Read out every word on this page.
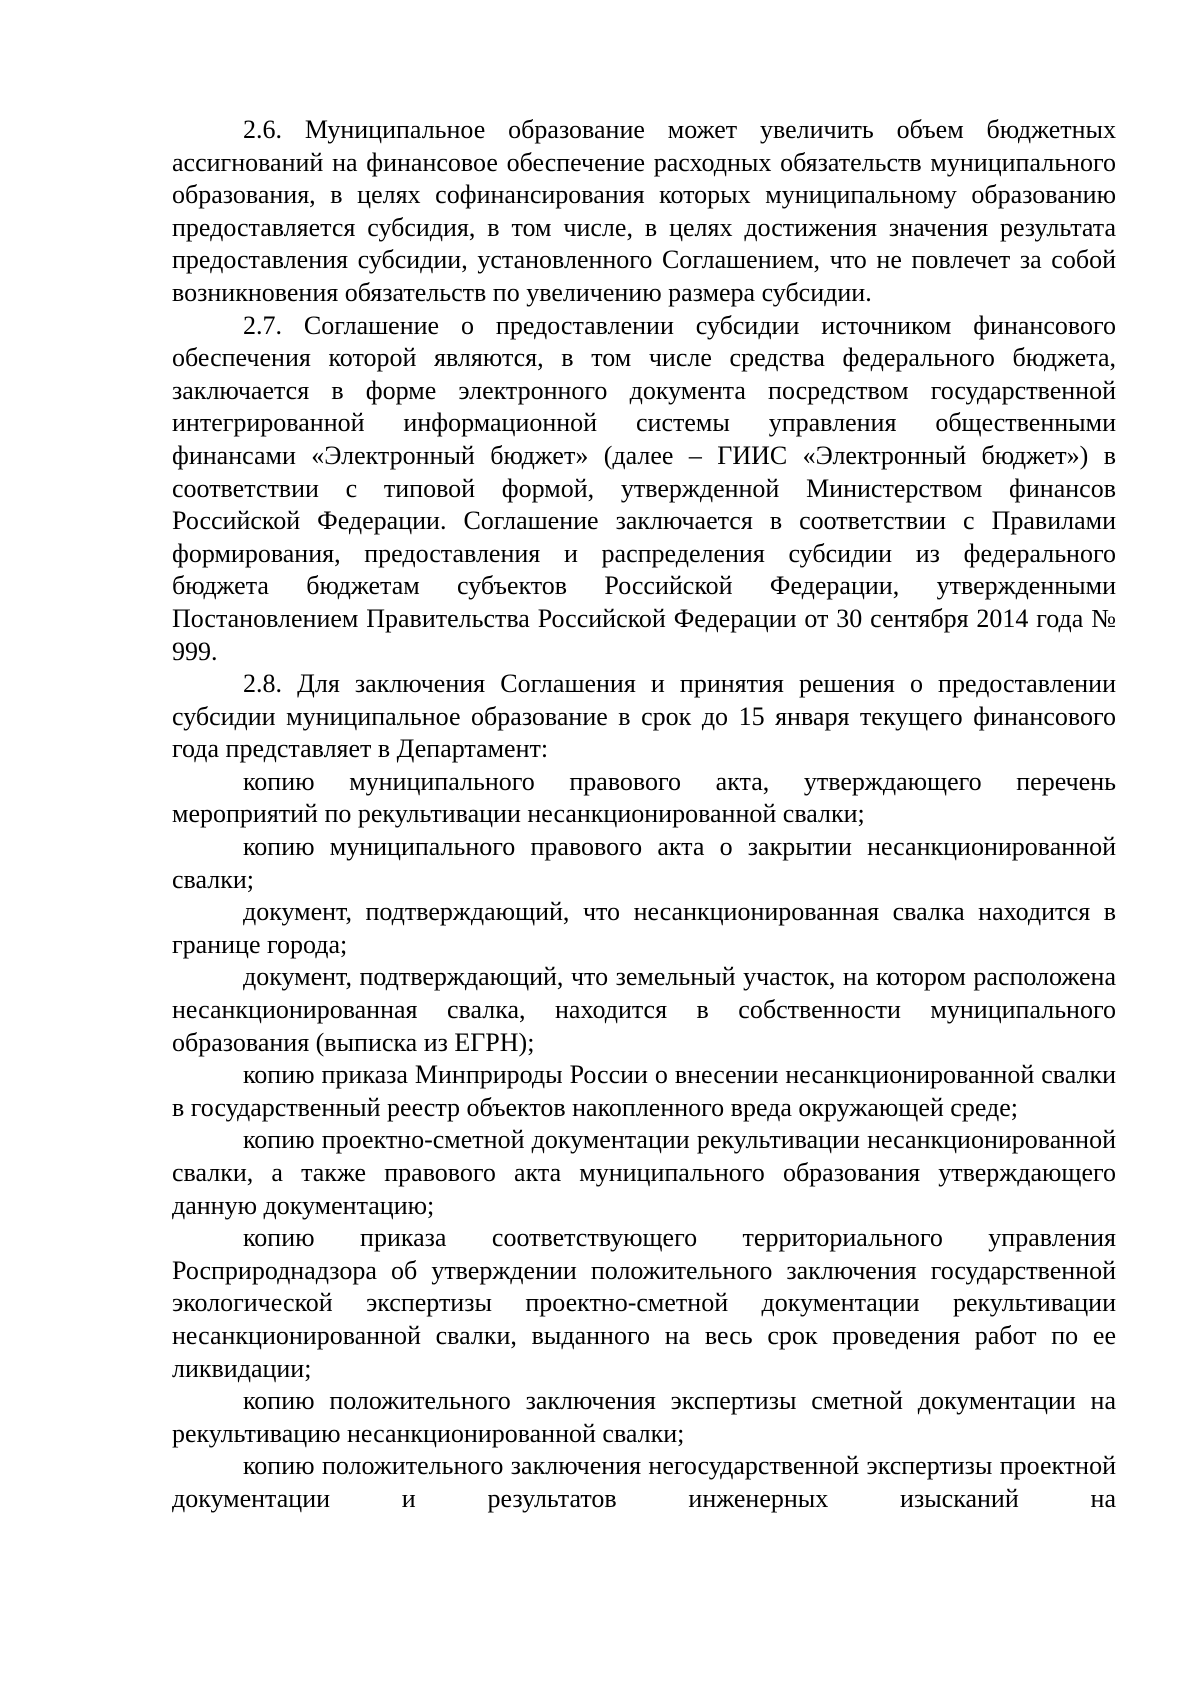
2.6. Муниципальное образование может увеличить объем бюджетных ассигнований на финансовое обеспечение расходных обязательств муниципального образования, в целях софинансирования которых муниципальному образованию предоставляется субсидия, в том числе, в целях достижения значения результата предоставления субсидии, установленного Соглашением, что не повлечет за собой возникновения обязательств по увеличению размера субсидии.

2.7. Соглашение о предоставлении субсидии источником финансового обеспечения которой являются, в том числе средства федерального бюджета, заключается в форме электронного документа посредством государственной интегрированной информационной системы управления общественными финансами «Электронный бюджет» (далее – ГИИС «Электронный бюджет») в соответствии с типовой формой, утвержденной Министерством финансов Российской Федерации. Соглашение заключается в соответствии с Правилами формирования, предоставления и распределения субсидии из федерального бюджета бюджетам субъектов Российской Федерации, утвержденными Постановлением Правительства Российской Федерации от 30 сентября 2014 года № 999.

2.8. Для заключения Соглашения и принятия решения о предоставлении субсидии муниципальное образование в срок до 15 января текущего финансового года представляет в Департамент:

копию муниципального правового акта, утверждающего перечень мероприятий по рекультивации несанкционированной свалки;

копию муниципального правового акта о закрытии несанкционированной свалки;

документ, подтверждающий, что несанкционированная свалка находится в границе города;

документ, подтверждающий, что земельный участок, на котором расположена несанкционированная свалка, находится в собственности муниципального образования (выписка из ЕГРН);

копию приказа Минприроды России о внесении несанкционированной свалки в государственный реестр объектов накопленного вреда окружающей среде;

копию проектно-сметной документации рекультивации несанкционированной свалки, а также правового акта муниципального образования утверждающего данную документацию;

копию приказа соответствующего территориального управления Росприроднадзора об утверждении положительного заключения государственной экологической экспертизы проектно-сметной документации рекультивации несанкционированной свалки, выданного на весь срок проведения работ по ее ликвидации;

копию положительного заключения экспертизы сметной документации на рекультивацию несанкционированной свалки;

копию положительного заключения негосударственной экспертизы проектной документации и результатов инженерных изысканий на
